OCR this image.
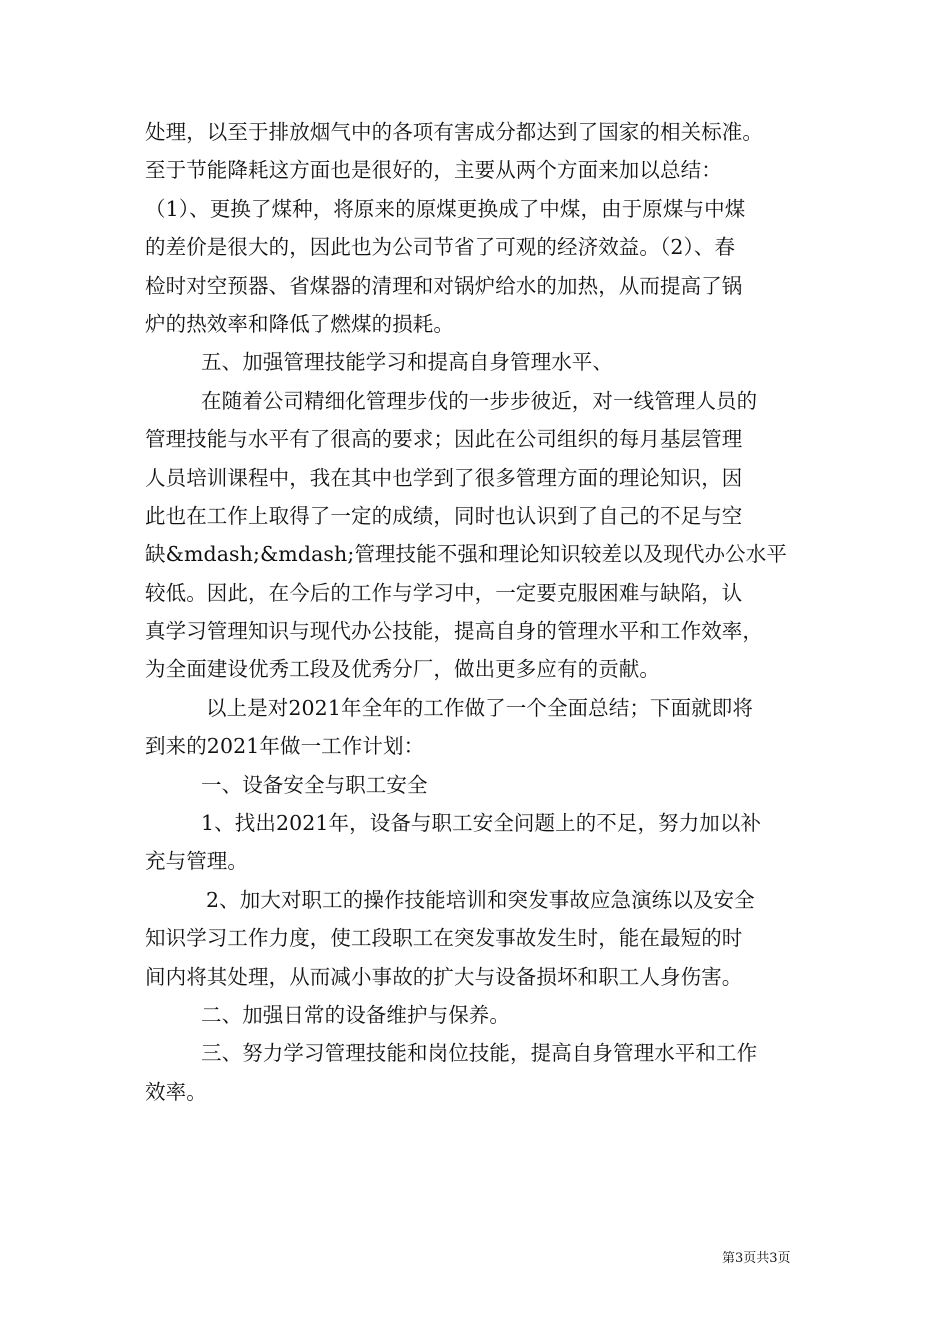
处理，以至于排放烟气中的各项有害成分都达到了国家的相关标准。
至于节能降耗这方面也是很好的，主要从两个方面来加以总结：
（1）、更换了煤种，将原来的原煤更换成了中煤，由于原煤与中煤
的差价是很大的，因此也为公司节省了可观的经济效益。（2）、春
检时对空预器、省煤器的清理和对锅炉给水的加热，从而提高了锅
炉的热效率和降低了燃煤的损耗。
五、加强管理技能学习和提高自身管理水平、
在随着公司精细化管理步伐的一步步彼近，对一线管理人员的
管理技能与水平有了很高的要求；因此在公司组织的每月基层管理
人员培训课程中，我在其中也学到了很多管理方面的理论知识，因
此也在工作上取得了一定的成绩，同时也认识到了自己的不足与空
缺&mdash;&mdash;管理技能不强和理论知识较差以及现代办公水平
较低。因此，在今后的工作与学习中，一定要克服困难与缺陷，认
真学习管理知识与现代办公技能，提高自身的管理水平和工作效率，
为全面建设优秀工段及优秀分厂，做出更多应有的贡献。
以上是对2021年全年的工作做了一个全面总结；下面就即将
到来的2021年做一工作计划：
一、设备安全与职工安全
1、找出2021年，设备与职工安全问题上的不足，努力加以补
充与管理。
2、加大对职工的操作技能培训和突发事故应急演练以及安全
知识学习工作力度，使工段职工在突发事故发生时，能在最短的时
间内将其处理，从而减小事故的扩大与设备损坏和职工人身伤害。
二、加强日常的设备维护与保养。
三、努力学习管理技能和岗位技能，提高自身管理水平和工作
效率。
第3页共3页
